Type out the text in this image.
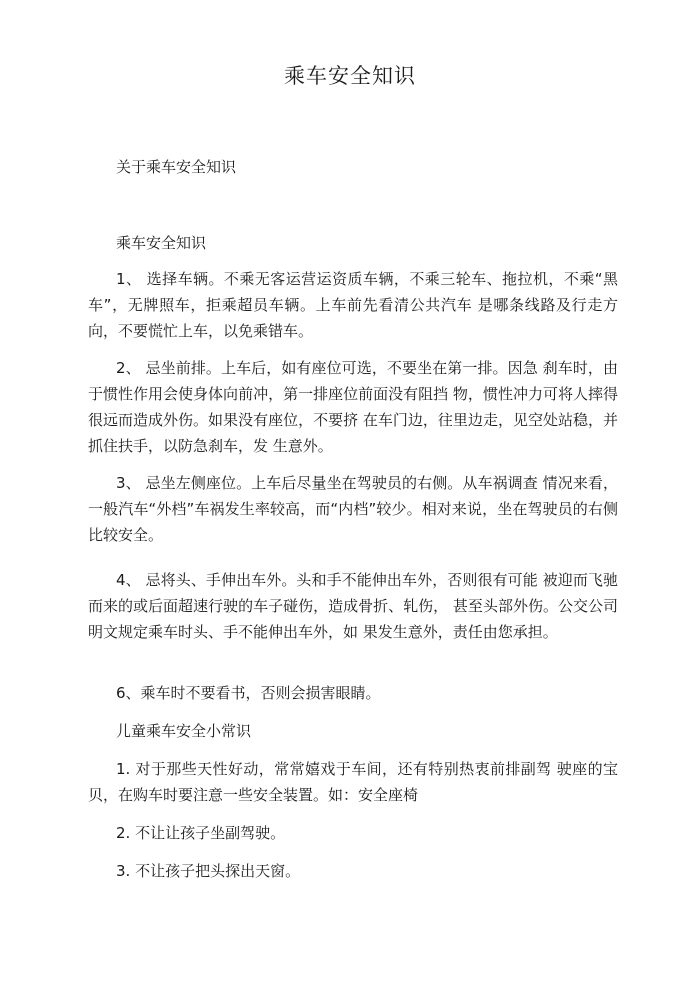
乘车安全知识
关于乘车安全知识
乘车安全知识
1、 选择车辆。不乘无客运营运资质车辆，不乘三轮车、拖拉机，不乘“黑车”，无牌照车，拒乘超员车辆。上车前先看清公共汽车 是哪条线路及行走方向，不要慌忙上车，以免乘错车。
2、 忌坐前排。上车后，如有座位可选，不要坐在第一排。因急 刹车时，由于惯性作用会使身体向前冲，第一排座位前面没有阻挡 物，惯性冲力可将人摔得很远而造成外伤。如果没有座位，不要挤 在车门边，往里边走，见空处站稳，并抓住扶手，以防急刹车，发 生意外。
3、 忌坐左侧座位。上车后尽量坐在驾驶员的右侧。从车祸调查 情况来看，一般汽车“外档”车祸发生率较高，而“内档”较少。相对来说，坐在驾驶员的右侧比较安全。
4、 忌将头、手伸出车外。头和手不能伸出车外，否则很有可能 被迎而飞驰而来的或后面超速行驶的车子碰伤，造成骨折、轧伤， 甚至头部外伤。公交公司明文规定乘车时头、手不能伸出车外，如 果发生意外，责任由您承担。
6、乘车时不要看书，否则会损害眼睛。
儿童乘车安全小常识
1. 对于那些天性好动，常常嬉戏于车间，还有特别热衷前排副驾 驶座的宝贝，在购车时要注意一些安全装置。如：安全座椅
2. 不让让孩子坐副驾驶。
3. 不让孩子把头探出天窗。
